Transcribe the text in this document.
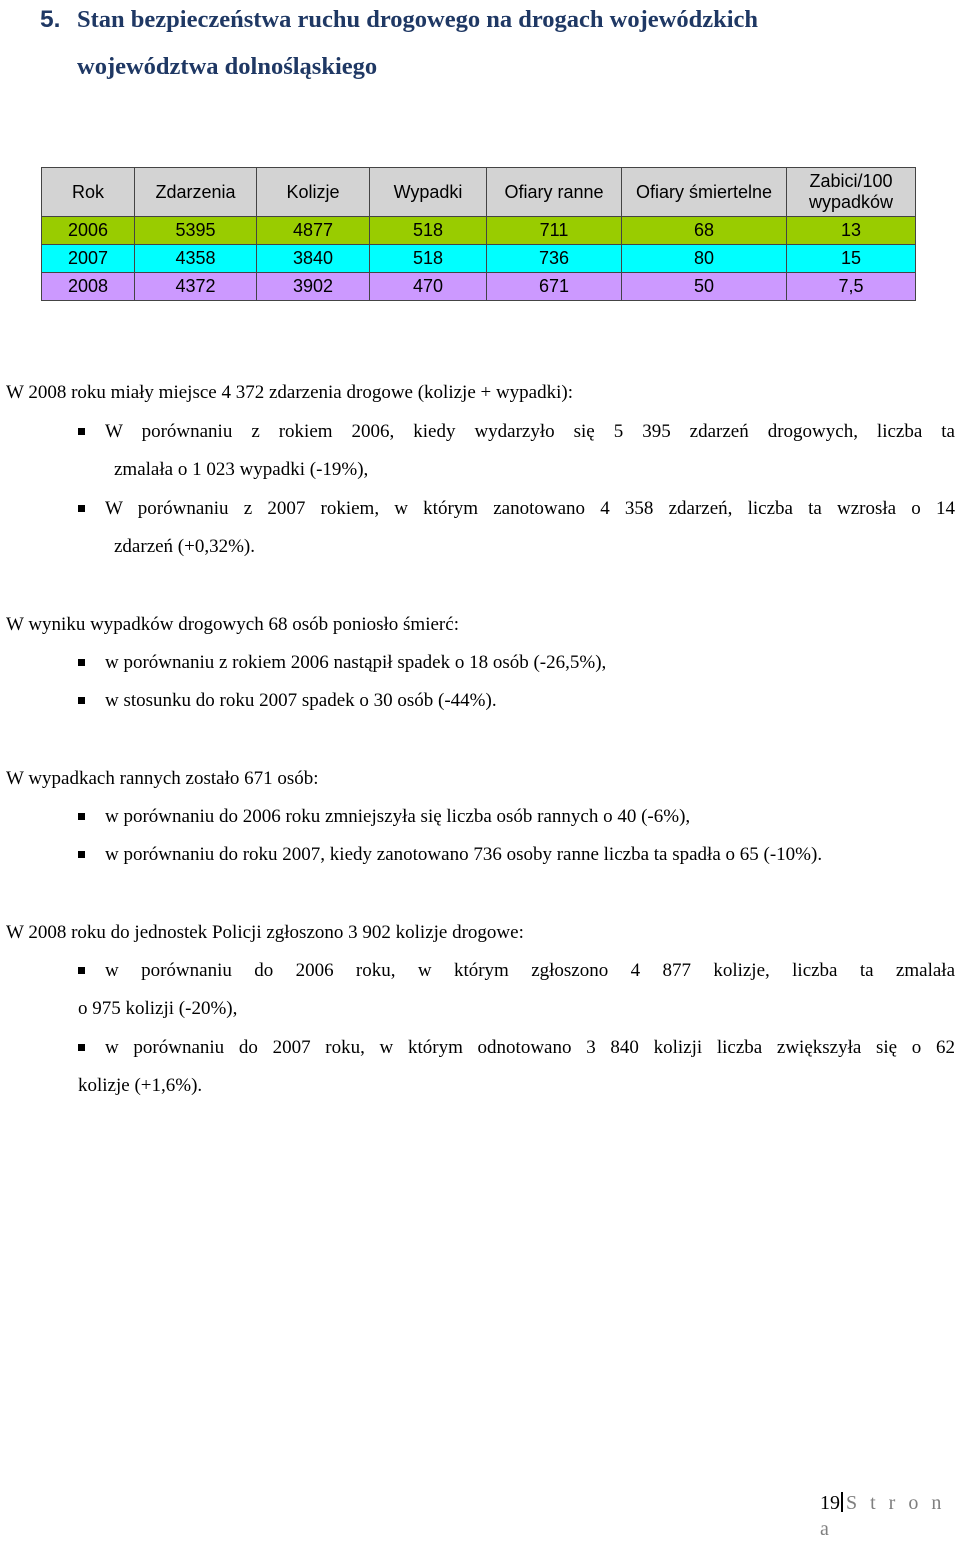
5. Stan bezpieczeństwa ruchu drogowego na drogach wojewódzkich
województwa dolnośląskiego
Rok	Zdarzenia	Kolizje	Wypadki	Ofiary ranne	Ofiary śmiertelne	Zabici/100
wypadków

2006	5395	4877	518	711	68	13
2007	4358	3840	518	736	80	15
2008	4372	3902	470	671	50	7,5
W 2008 roku miały miejsce 4 372 zdarzenia drogowe (kolizje + wypadki):
W porównaniu z rokiem 2006, kiedy wydarzyło się 5 395 zdarzeń drogowych, liczba ta
zmalała o 1 023 wypadki (-19%),
W porównaniu z 2007 rokiem, w którym zanotowano 4 358 zdarzeń, liczba ta wzrosła o 14
zdarzeń (+0,32%).
W wyniku wypadków drogowych 68 osób poniosło śmierć:
w porównaniu z rokiem 2006 nastąpił spadek o 18 osób (-26,5%),
w stosunku do roku 2007 spadek o 30 osób (-44%).
W wypadkach rannych zostało 671 osób:
w porównaniu do 2006 roku zmniejszyła się liczba osób rannych o 40 (-6%),
w porównaniu do roku 2007, kiedy zanotowano 736 osoby ranne liczba ta spadła o 65 (-10%).
W 2008 roku do jednostek Policji zgłoszono 3 902 kolizje drogowe:
w porównaniu do 2006 roku, w którym zgłoszono 4 877 kolizje, liczba ta zmalała
o 975 kolizji (-20%),
w porównaniu do 2007 roku, w którym odnotowano 3 840 kolizji liczba zwiększyła się o 62
kolizje (+1,6%).
19 S t r o n a
